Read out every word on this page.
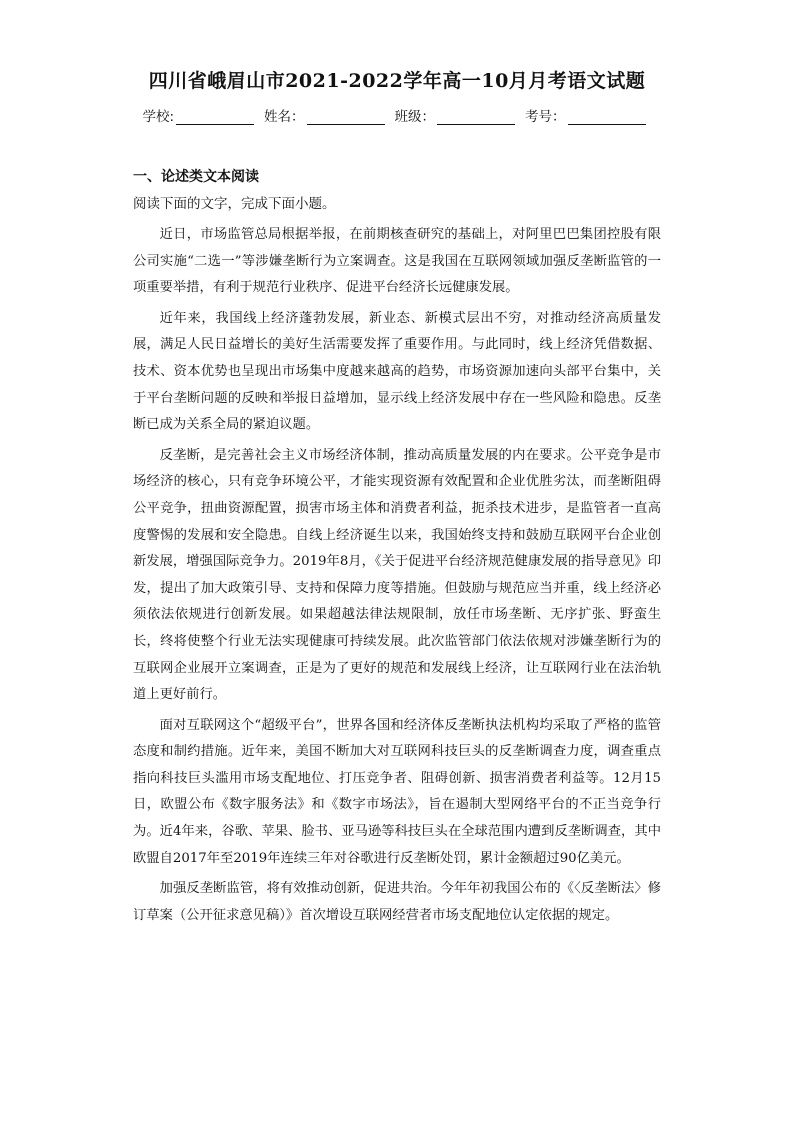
四川省峨眉山市2021-2022学年高一10月月考语文试题
学校:	姓名：	班级：	考号：
一、论述类文本阅读
阅读下面的文字，完成下面小题。

近日，市场监管总局根据举报，在前期核查研究的基础上，对阿里巴巴集团控股有限公司实施“二选一”等涉嫌垄断行为立案调查。这是我国在互联网领域加强反垄断监管的一项重要举措，有利于规范行业秩序、促进平台经济长远健康发展。

近年来，我国线上经济蓬勃发展，新业态、新模式层出不穷，对推动经济高质量发展，满足人民日益增长的美好生活需要发挥了重要作用。与此同时，线上经济凭借数据、技术、资本优势也呈现出市场集中度越来越高的趋势，市场资源加速向头部平台集中，关于平台垄断问题的反映和举报日益增加，显示线上经济发展中存在一些风险和隐患。反垄断已成为关系全局的紧迫议题。

反垄断，是完善社会主义市场经济体制，推动高质量发展的内在要求。公平竞争是市场经济的核心，只有竞争环境公平，才能实现资源有效配置和企业优胜劣汰，而垄断阻碍公平竞争，扭曲资源配置，损害市场主体和消费者利益，扼杀技术进步，是监管者一直高度警惕的发展和安全隐患。自线上经济诞生以来，我国始终支持和鼓励互联网平台企业创新发展，增强国际竞争力。2019年8月，《关于促进平台经济规范健康发展的指导意见》印发，提出了加大政策引导、支持和保障力度等措施。但鼓励与规范应当并重，线上经济必须依法依规进行创新发展。如果超越法律法规限制，放任市场垄断、无序扩张、野蛮生长，终将使整个行业无法实现健康可持续发展。此次监管部门依法依规对涉嫌垄断行为的互联网企业展开立案调查，正是为了更好的规范和发展线上经济，让互联网行业在法治轨道上更好前行。

面对互联网这个“超级平台”，世界各国和经济体反垄断执法机构均采取了严格的监管态度和制约措施。近年来，美国不断加大对互联网科技巨头的反垄断调查力度，调查重点指向科技巨头滥用市场支配地位、打压竞争者、阻碍创新、损害消费者利益等。12月15日，欧盟公布《数字服务法》和《数字市场法》，旨在遏制大型网络平台的不正当竞争行为。近4年来，谷歌、苹果、脸书、亚马逊等科技巨头在全球范围内遭到反垄断调查，其中欧盟自2017年至2019年连续三年对谷歌进行反垄断处罚，累计金额超过90亿美元。

加强反垄断监管，将有效推动创新，促进共治。今年年初我国公布的《〈反垄断法〉修订草案（公开征求意见稿）》首次增设互联网经营者市场支配地位认定依据的规定。
